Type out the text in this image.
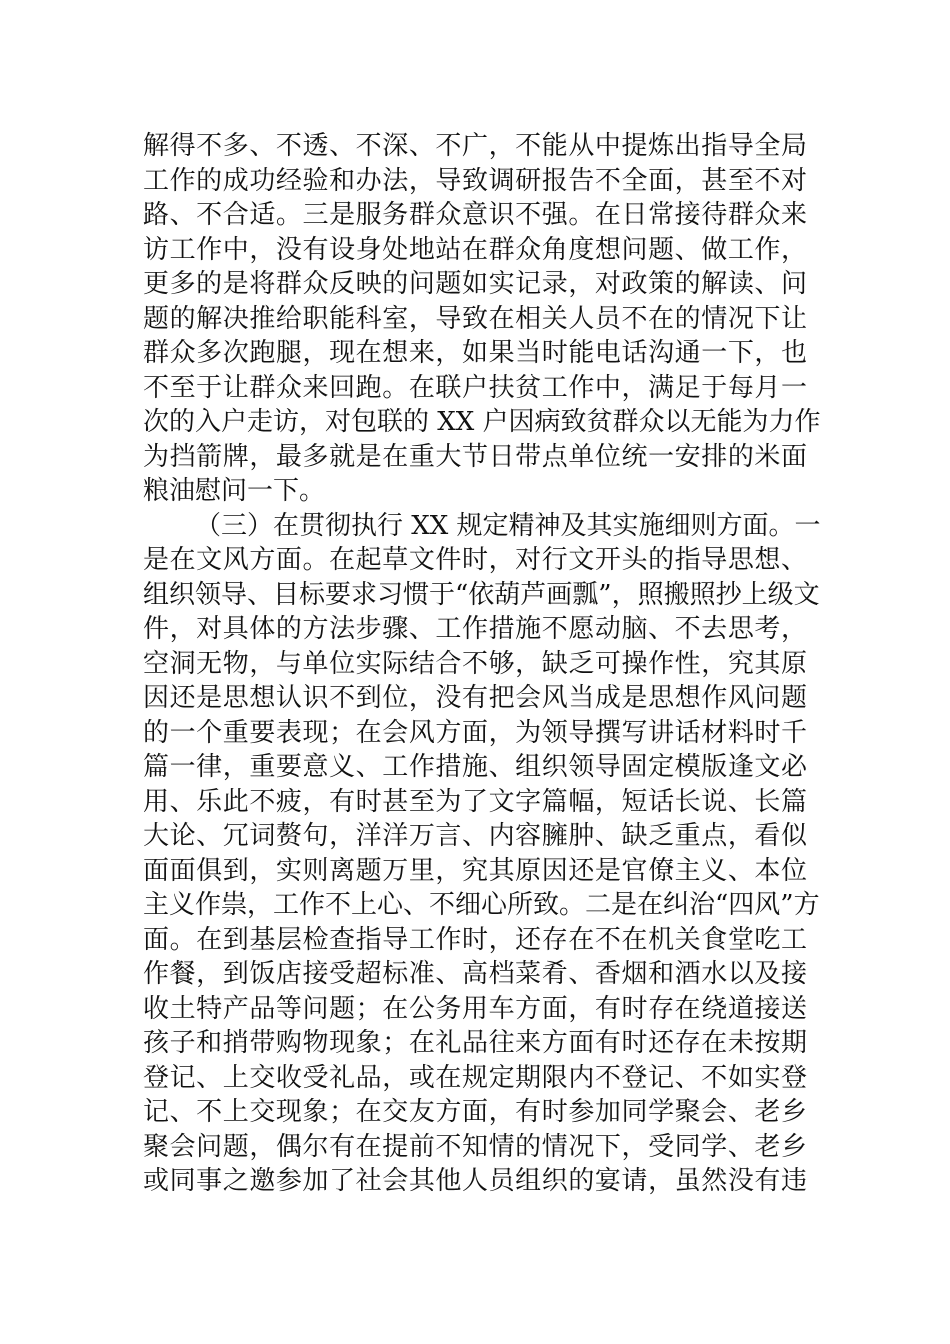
解得不多、不透、不深、不广，不能从中提炼出指导全局
工作的成功经验和办法，导致调研报告不全面，甚至不对
路、不合适。三是服务群众意识不强。在日常接待群众来
访工作中，没有设身处地站在群众角度想问题、做工作，
更多的是将群众反映的问题如实记录，对政策的解读、问
题的解决推给职能科室，导致在相关人员不在的情况下让
群众多次跑腿，现在想来，如果当时能电话沟通一下，也
不至于让群众来回跑。在联户扶贫工作中，满足于每月一
次的入户走访，对包联的 XX 户因病致贫群众以无能为力作
为挡箭牌，最多就是在重大节日带点单位统一安排的米面
粮油慰问一下。
（三）在贯彻执行 XX 规定精神及其实施细则方面。一
是在文风方面。在起草文件时，对行文开头的指导思想、
组织领导、目标要求习惯于“依葫芦画瓢”，照搬照抄上级文
件，对具体的方法步骤、工作措施不愿动脑、不去思考，
空洞无物，与单位实际结合不够，缺乏可操作性，究其原
因还是思想认识不到位，没有把会风当成是思想作风问题
的一个重要表现；在会风方面，为领导撰写讲话材料时千
篇一律，重要意义、工作措施、组织领导固定模版逢文必
用、乐此不疲，有时甚至为了文字篇幅，短话长说、长篇
大论、冗词赘句，洋洋万言、内容臃肿、缺乏重点，看似
面面俱到，实则离题万里，究其原因还是官僚主义、本位
主义作祟，工作不上心、不细心所致。二是在纠治“四风”方
面。在到基层检查指导工作时，还存在不在机关食堂吃工
作餐，到饭店接受超标准、高档菜肴、香烟和酒水以及接
收土特产品等问题；在公务用车方面，有时存在绕道接送
孩子和捎带购物现象；在礼品往来方面有时还存在未按期
登记、上交收受礼品，或在规定期限内不登记、不如实登
记、不上交现象；在交友方面，有时参加同学聚会、老乡
聚会问题，偶尔有在提前不知情的情况下，受同学、老乡
或同事之邀参加了社会其他人员组织的宴请，虽然没有违
